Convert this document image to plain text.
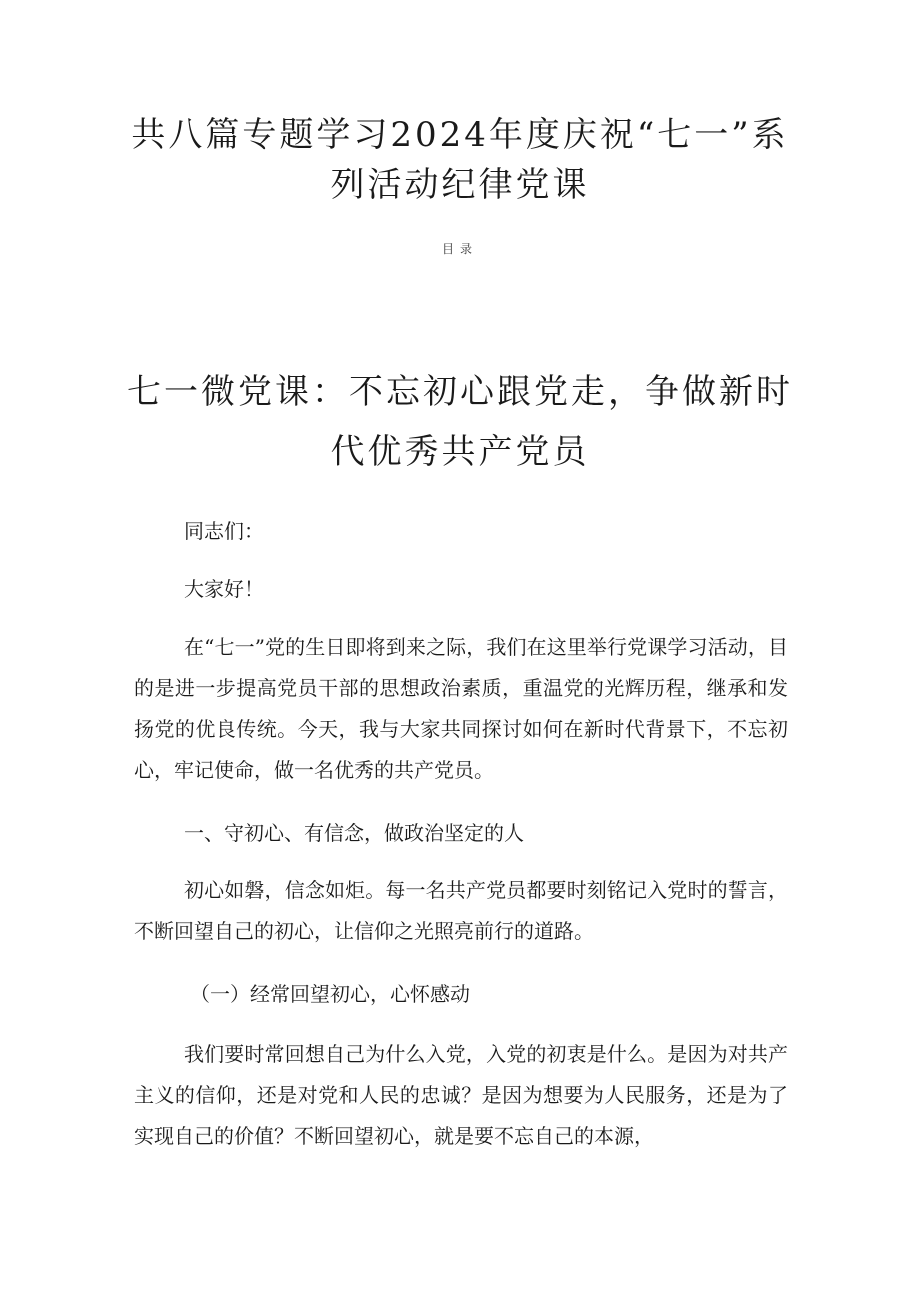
共八篇专题学习2024年度庆祝“七一”系列活动纪律党课
目录
七一微党课：不忘初心跟党走，争做新时代优秀共产党员

同志们：

大家好！

在“七一”党的生日即将到来之际，我们在这里举行党课学习活动，目的是进一步提高党员干部的思想政治素质，重温党的光辉历程，继承和发扬党的优良传统。今天，我与大家共同探讨如何在新时代背景下，不忘初心，牢记使命，做一名优秀的共产党员。

一、守初心、有信念，做政治坚定的人

初心如磐，信念如炬。每一名共产党员都要时刻铭记入党时的誓言，不断回望自己的初心，让信仰之光照亮前行的道路。

（一）经常回望初心，心怀感动

我们要时常回想自己为什么入党，入党的初衷是什么。是因为对共产主义的信仰，还是对党和人民的忠诚？是因为想要为人民服务，还是为了实现自己的价值？不断回望初心，就是要不忘自己的本源，
